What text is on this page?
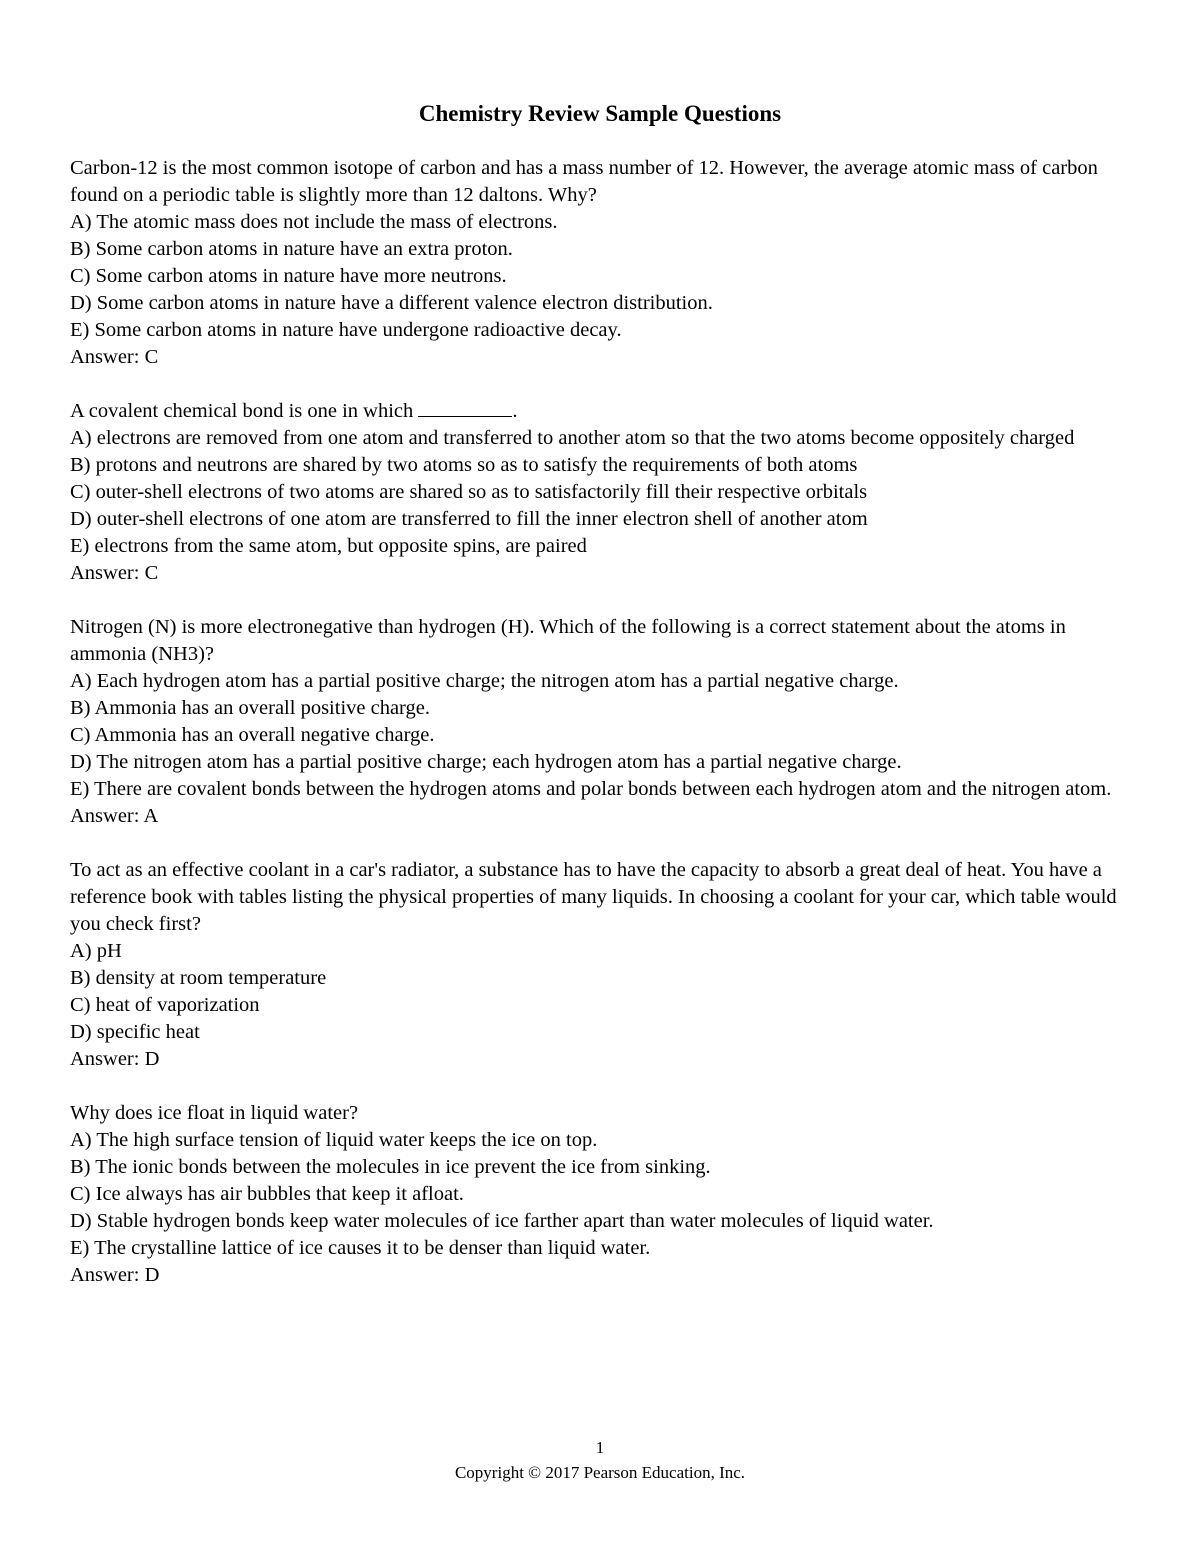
Chemistry Review Sample Questions
Carbon-12 is the most common isotope of carbon and has a mass number of 12. However, the average atomic mass of carbon found on a periodic table is slightly more than 12 daltons. Why?
A) The atomic mass does not include the mass of electrons.
B) Some carbon atoms in nature have an extra proton.
C) Some carbon atoms in nature have more neutrons.
D) Some carbon atoms in nature have a different valence electron distribution.
E) Some carbon atoms in nature have undergone radioactive decay.
Answer: C
A covalent chemical bond is one in which	.
A) electrons are removed from one atom and transferred to another atom so that the two atoms become oppositely charged
B) protons and neutrons are shared by two atoms so as to satisfy the requirements of both atoms
C) outer-shell electrons of two atoms are shared so as to satisfactorily fill their respective orbitals
D) outer-shell electrons of one atom are transferred to fill the inner electron shell of another atom
E) electrons from the same atom, but opposite spins, are paired
Answer: C
Nitrogen (N) is more electronegative than hydrogen (H). Which of the following is a correct statement about the atoms in ammonia (NH3)?
A) Each hydrogen atom has a partial positive charge; the nitrogen atom has a partial negative charge.
B) Ammonia has an overall positive charge.
C) Ammonia has an overall negative charge.
D) The nitrogen atom has a partial positive charge; each hydrogen atom has a partial negative charge.
E) There are covalent bonds between the hydrogen atoms and polar bonds between each hydrogen atom and the nitrogen atom.
Answer: A
To act as an effective coolant in a car's radiator, a substance has to have the capacity to absorb a great deal of heat. You have a reference book with tables listing the physical properties of many liquids. In choosing a coolant for your car, which table would you check first?
A) pH
B) density at room temperature
C) heat of vaporization
D) specific heat
Answer: D
Why does ice float in liquid water?
A) The high surface tension of liquid water keeps the ice on top.
B) The ionic bonds between the molecules in ice prevent the ice from sinking.
C) Ice always has air bubbles that keep it afloat.
D) Stable hydrogen bonds keep water molecules of ice farther apart than water molecules of liquid water.
E) The crystalline lattice of ice causes it to be denser than liquid water.
Answer: D
1
Copyright © 2017 Pearson Education, Inc.
